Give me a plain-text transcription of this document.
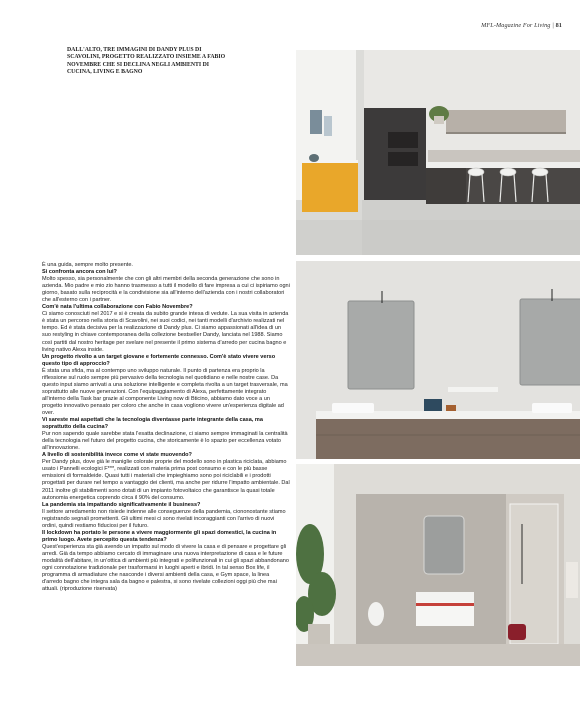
MFL-Magazine For Living | 81
DALL'ALTO, TRE IMMAGINI DI DANDY PLUS DI SCAVOLINI, PROGETTO REALIZZATO INSIEME A FABIO NOVEMBRE CHE SI DECLINA NEGLI AMBIENTI DI CUCINA, LIVING E BAGNO

È una guida, sempre molto presente.

Si confronta ancora con lui?

Molto spesso, sia personalmente che con gli altri membri della seconda generazione che sono in azienda. Mio padre e mio zio hanno trasmesso a tutti il modello di fare impresa a cui ci ispiriamo ogni giorno, basato sulla reciprocità e la condivisione sia all'interno dell'azienda con i nostri collaboratori che all'esterno con i partner.

Com'è nata l'ultima collaborazione con Fabio Novembre?

Ci siamo conosciuti nel 2017 e si è creata da subito grande intesa di vedute. La sua visita in azienda è stata un percorso nella storia di Scavolini, nei suoi codici, nei tanti modelli d'archivio realizzati nel tempo. Ed è stata decisiva per la realizzazione di Dandy plus. Ci siamo appassionati all'idea di un suo restyling in chiave contemporanea della collezione bestseller Dandy, lanciata nel 1988. Siamo così partiti dal nostro heritage per svelare nel presente il primo sistema d'arredo per cucina bagno e living nativo Alexa inside.

Un progetto rivolto a un target giovane e fortemente connesso. Com'è stato vivere verso questo tipo di approccio?

È stata una sfida, ma al contempo uno sviluppo naturale. Il punto di partenza era proprio la riflessione sul ruolo sempre più pervasivo della tecnologia nel quotidiano e nelle nostre case. Da questo input siamo arrivati a una soluzione intelligente e completa rivolta a un target trasversale, ma soprattutto alle nuove generazioni. Con l'equipaggiamento di Alexa, perfettamente integrato all'interno della Task bar grazie al componente Living now di Bticino, abbiamo dato voce a un progetto innovativo pensato per coloro che anche in casa vogliono vivere un'esperienza digitale ad over.

Vi sareste mai aspettati che la tecnologia diventasse parte integrante della casa, ma soprattutto della cucina?

Pur non sapendo quale sarebbe stata l'esatta declinazione, ci siamo sempre immaginati la centralità della tecnologia nel futuro del progetto cucina, che storicamente è lo spazio per eccellenza votato all'innovazione.

A livello di sostenibilità invece come vi state muovendo?

Per Dandy plus, dove già le maniglie colorate proprie del modello sono in plastica riciclata, abbiamo usato i Pannelli ecologici F***, realizzati con materia prima post consumo e con le più basse emissioni di formaldeide. Quasi tutti i materiali che impieghiamo sono poi riciclabili e i prodotti progettati per durare nel tempo a vantaggio dei clienti, ma anche per ridurre l'impatto ambientale. Dal 2011 inoltre gli stabilimenti sono dotati di un impianto fotovoltaico che garantisce la quasi totale autonomia energetica coprendo circa il 90% del consumo.

La pandemia sta impattando significativamente il business?

Il settore arredamento non risiede indenne alle conseguenze della pandemia, ciononostante stiamo registrando segnali promettenti. Gli ultimi mesi ci sono rivelati incoraggianti con l'arrivo di nuovi ordini, quindi restiamo fiduciosi per il futuro.

Il lockdown ha portato le persone a vivere maggiormente gli spazi domestici, la cucina in primo luogo. Avete percepito questa tendenza?

Quest'esperienza sta già avendo un impatto sul modo di vivere la casa e di pensare e progettare gli arredi. Già da tempo abbiamo cercato di immaginare una nuova interpretazione di casa e le future modalità dell'abitare, in un'ottica di ambienti più integrati e polifunzionali in cui gli spazi abbandonano ogni connotazione tradizionale per trasformarsi in luoghi aperti e ibridi. In tal senso Box life, il programma di armadiature che nasconde i diversi ambienti della casa, e Gym space, la linea d'arredo bagno che integra sala da bagno e palestra, si sono rivelate collezioni oggi più che mai attuali. (riproduzione riservata)
